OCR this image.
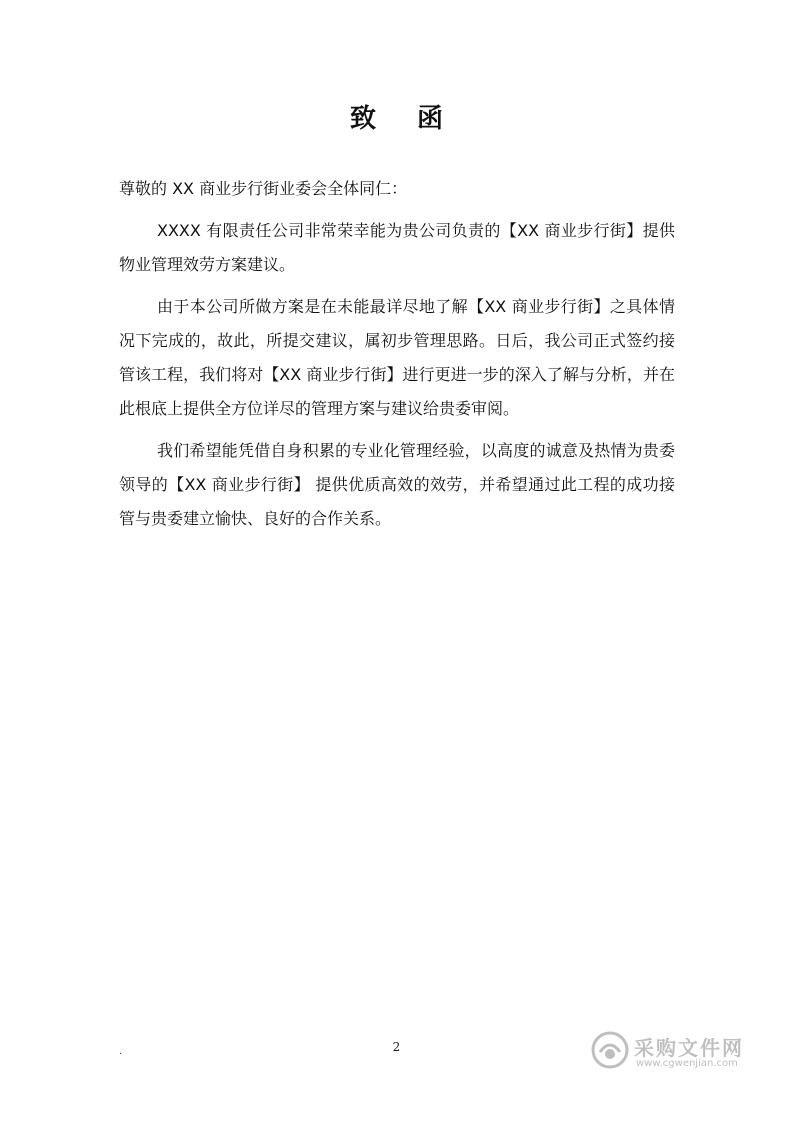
致 函

尊敬的 XX 商业步行街业委会全体同仁：

XXXX 有限责任公司非常荣幸能为贵公司负责的【XX 商业步行街】提供物业管理效劳方案建议。

由于本公司所做方案是在未能最详尽地了解【XX 商业步行街】之具体情况下完成的，故此，所提交建议，属初步管理思路。日后，我公司正式签约接管该工程，我们将对【XX 商业步行街】进行更进一步的深入了解与分析，并在此根底上提供全方位详尽的管理方案与建议给贵委审阅。

我们希望能凭借自身积累的专业化管理经验，以高度的诚意及热情为贵委领导的【XX 商业步行街】 提供优质高效的效劳，并希望通过此工程的成功接管与贵委建立愉快、良好的合作关系。

.	2	采购文件网
www.cgwenjian.com
